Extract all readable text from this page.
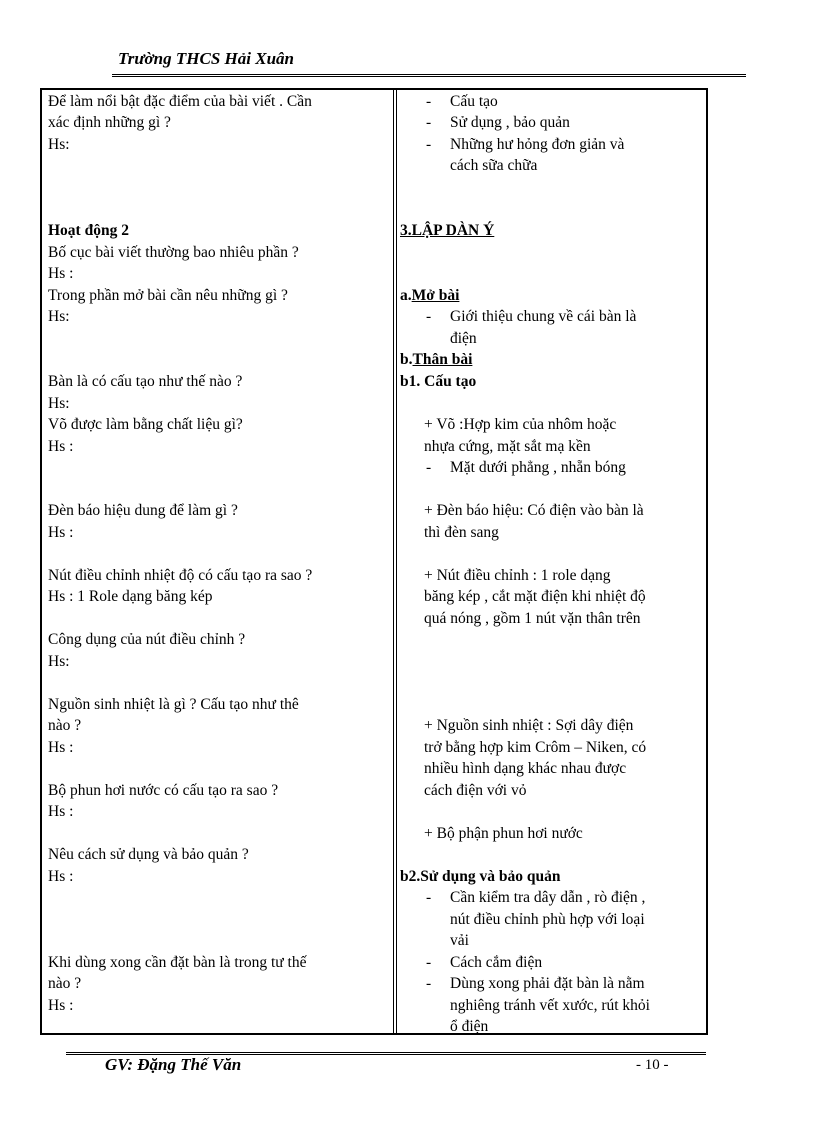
Trường THCS Hải Xuân
Để làm nổi bật đặc điểm của bài viết . Cần
xác định những gì ?
Hs:
Hoạt động 2
Bố cục bài viết thường bao nhiêu phần ?
Hs :
Trong phần mở bài cần nêu những gì ?
Hs:
Bàn là có cấu tạo như thế nào ?
Hs:
Võ được làm bằng chất liệu gì?
Hs :
Đèn báo hiệu dung để làm gì ?
Hs :
Nút điều chỉnh nhiệt độ có cấu tạo ra sao ?
Hs : 1 Role dạng băng kép
Công dụng của nút điều chỉnh ?
Hs:
Nguồn sinh nhiệt là gì ? Cấu tạo như thê
nào ?
Hs :
Bộ phun hơi nước có cấu tạo ra sao ?
Hs :
Nêu cách sử dụng và bảo quản ?
Hs :
Khi dùng xong cần đặt bàn là trong tư thế
nào ?
Hs :
- Cấu tạo
- Sử dụng , bảo quản
- Những hư hỏng đơn giản và
cách sữa chữa
3.LẬP DÀN Ý
a.Mở bài
- Giới thiệu chung về cái bàn là
điện
b.Thân bài
b1. Cấu tạo
+ Võ :Hợp kim của nhôm hoặc
nhựa cứng, mặt sắt mạ kền
- Mặt dưới phẳng , nhẵn bóng
+ Đèn báo hiệu: Có điện vào bàn là
thì đèn sang
+ Nút điều chỉnh : 1 role dạng
băng kép , cắt mặt điện khi nhiệt độ
quá nóng , gồm 1 nút vặn thân trên
+ Nguồn sinh nhiệt : Sợi dây điện
trở bằng hợp kim Crôm – Niken, có
nhiều hình dạng khác nhau được
cách điện với vỏ
+ Bộ phận phun hơi nước
b2.Sử dụng và bảo quản
- Cần kiểm tra dây dẫn , rò điện ,
nút điều chỉnh phù hợp với loại
vải
- Cách cắm điện
- Dùng xong phải đặt bàn là nằm
nghiêng tránh vết xước, rút khỏi
ổ điện
GV: Đặng Thế Văn	- 10 -
